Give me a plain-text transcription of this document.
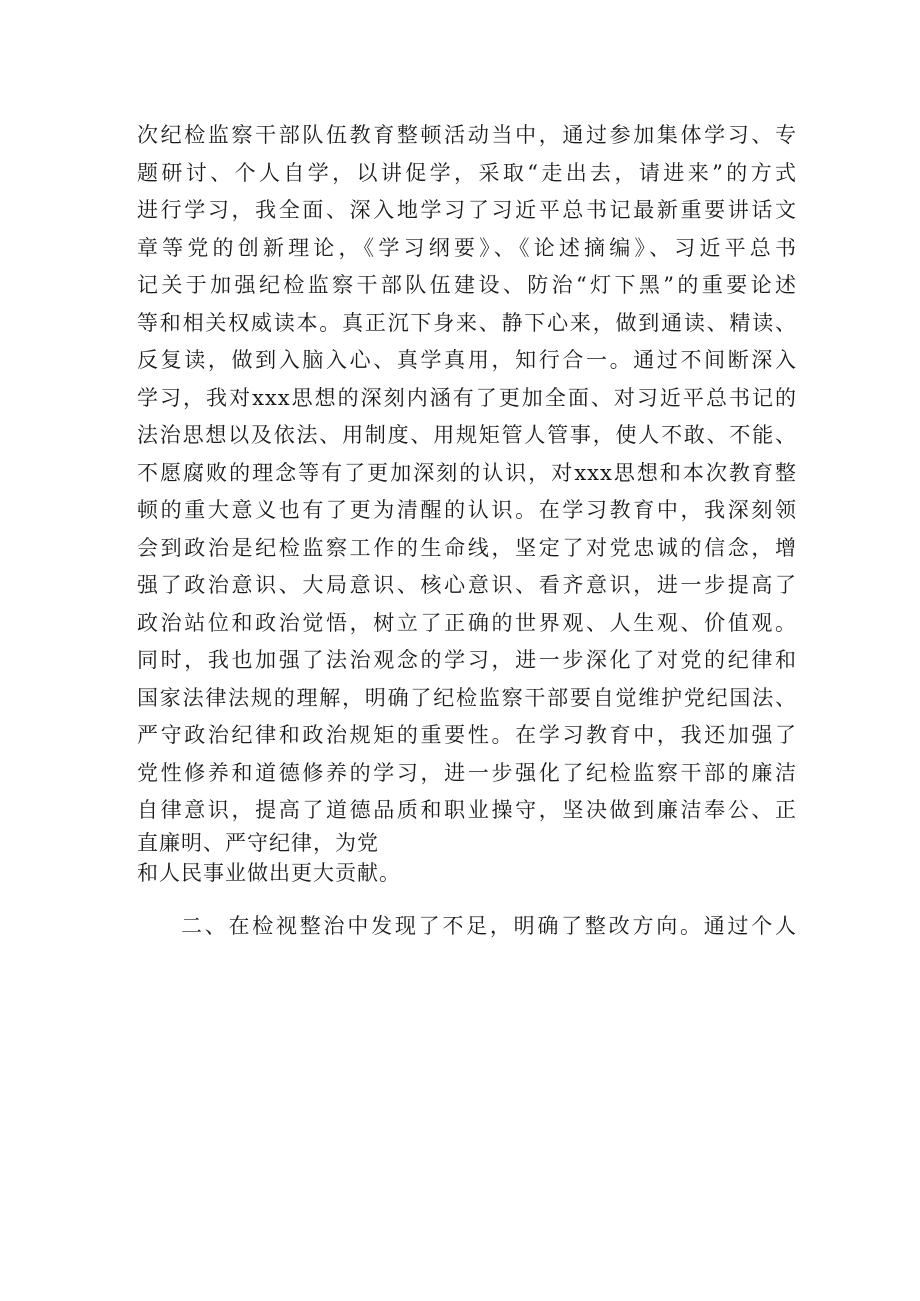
次纪检监察干部队伍教育整顿活动当中，通过参加集体学习、专
题研讨、个人自学，以讲促学，采取“走出去，请进来”的方式
进行学习，我全面、深入地学习了习近平总书记最新重要讲话文
章等党的创新理论，《学习纲要》、《论述摘编》、习近平总书
记关于加强纪检监察干部队伍建设、防治“灯下黑”的重要论述
等和相关权威读本。真正沉下身来、静下心来，做到通读、精读、
反复读，做到入脑入心、真学真用，知行合一。通过不间断深入
学习，我对xxx思想的深刻内涵有了更加全面、对习近平总书记的
法治思想以及依法、用制度、用规矩管人管事，使人不敢、不能、
不愿腐败的理念等有了更加深刻的认识，对xxx思想和本次教育整
顿的重大意义也有了更为清醒的认识。在学习教育中，我深刻领
会到政治是纪检监察工作的生命线，坚定了对党忠诚的信念，增
强了政治意识、大局意识、核心意识、看齐意识，进一步提高了
政治站位和政治觉悟，树立了正确的世界观、人生观、价值观。
同时，我也加强了法治观念的学习，进一步深化了对党的纪律和
国家法律法规的理解，明确了纪检监察干部要自觉维护党纪国法、
严守政治纪律和政治规矩的重要性。在学习教育中，我还加强了
党性修养和道德修养的学习，进一步强化了纪检监察干部的廉洁
自律意识，提高了道德品质和职业操守，坚决做到廉洁奉公、正
直廉明、严守纪律，为党
和人民事业做出更大贡献。
二、在检视整治中发现了不足，明确了整改方向。通过个人
